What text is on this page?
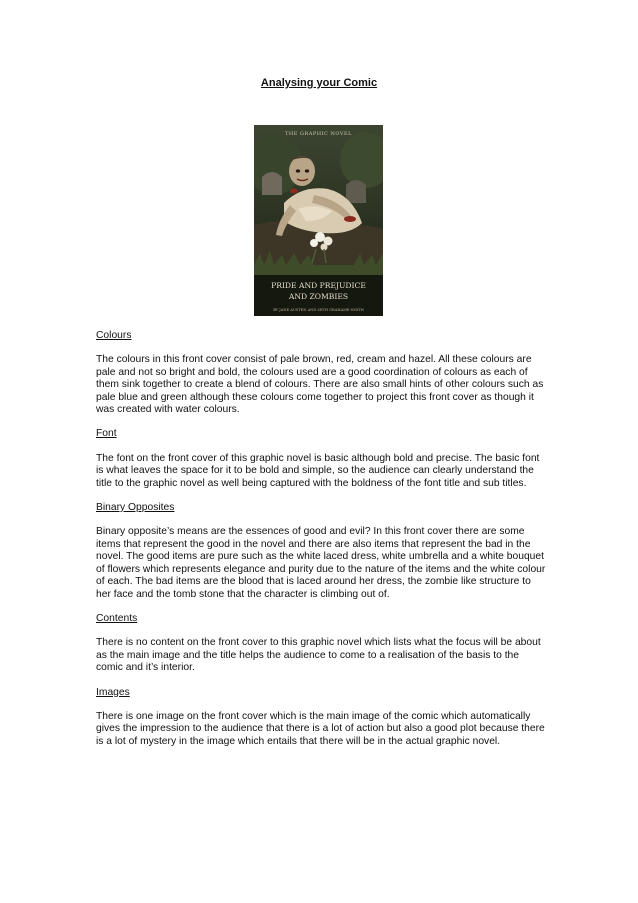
Analysing your Comic
THE GRAPHIC NOVEL
PRIDE AND PREJUDICE
AND ZOMBIES
BY JANE AUSTEN AND SETH GRAHAME-SMITH
Colours
The colours in this front cover consist of pale brown, red, cream and hazel. All these colours are pale and not so bright and bold, the colours used are a good coordination of colours as each of them sink together to create a blend of colours. There are also small hints of other colours such as pale blue and green although these colours come together to project this front cover as though it was created with water colours.
Font
The font on the front cover of this graphic novel is basic although bold and precise. The basic font is what leaves the space for it to be bold and simple, so the audience can clearly understand the title to the graphic novel as well being captured with the boldness of the font title and sub titles.
Binary Opposites
Binary opposite’s means are the essences of good and evil? In this front cover there are some items that represent the good in the novel and there are also items that represent the bad in the novel. The good items are pure such as the white laced dress, white umbrella and a white bouquet of flowers which represents elegance and purity due to the nature of the items and the white colour of each. The bad items are the blood that is laced around her dress, the zombie like structure to her face and the tomb stone that the character is climbing out of.
Contents
There is no content on the front cover to this graphic novel which lists what the focus will be about as the main image and the title helps the audience to come to a realisation of the basis to the comic and it’s interior.
Images
There is one image on the front cover which is the main image of the comic which automatically gives the impression to the audience that there is a lot of action but also a good plot because there is a lot of mystery in the image which entails that there will be in the actual graphic novel.
